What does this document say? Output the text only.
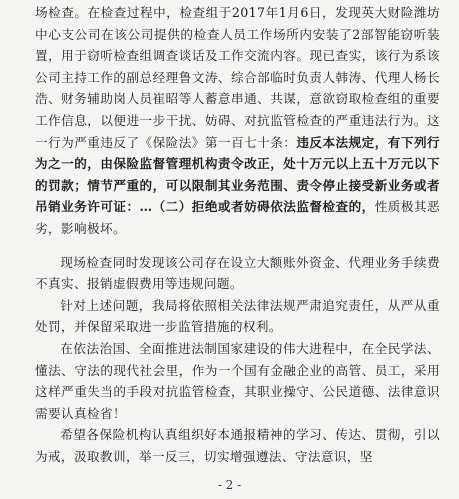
场检查。在检查过程中，检查组于2017年1月6日，发现英大财险潍坊中心支公司在该公司提供的检查人员工作场所内安装了2部智能窃听装置，用于窃听检查组调查谈话及工作交流内容。现已查实，该行为系该公司主持工作的副总经理鲁文涛、综合部临时负责人韩涛、代理人杨长浩、财务辅助岗人员崔昭等人蓄意串通、共谋，意欲窃取检查组的重要工作信息，以便进一步干扰、妨碍、对抗监管检查的严重违法行为。这一行为严重违反了《保险法》第一百七十条：违反本法规定，有下列行为之一的，由保险监督管理机构责令改正，处十万元以上五十万元以下的罚款；情节严重的，可以限制其业务范围、责令停止接受新业务或者吊销业务许可证：…（二）拒绝或者妨碍依法监督检查的，性质极其恶劣，影响极坏。

现场检查同时发现该公司存在设立大额账外资金、代理业务手续费不真实、报销虚假费用等违规问题。

针对上述问题，我局将依照相关法律法规严肃追究责任，从严从重处罚，并保留采取进一步监管措施的权利。

在依法治国、全面推进法制国家建设的伟大进程中，在全民学法、懂法、守法的现代社会里，作为一个国有金融企业的高管、员工，采用这样严重失当的手段对抗监管检查，其职业操守、公民道德、法律意识需要认真检省！

希望各保险机构认真组织好本通报精神的学习、传达、贯彻，引以为戒，汲取教训，举一反三，切实增强遵法、守法意识，坚

- 2 -
